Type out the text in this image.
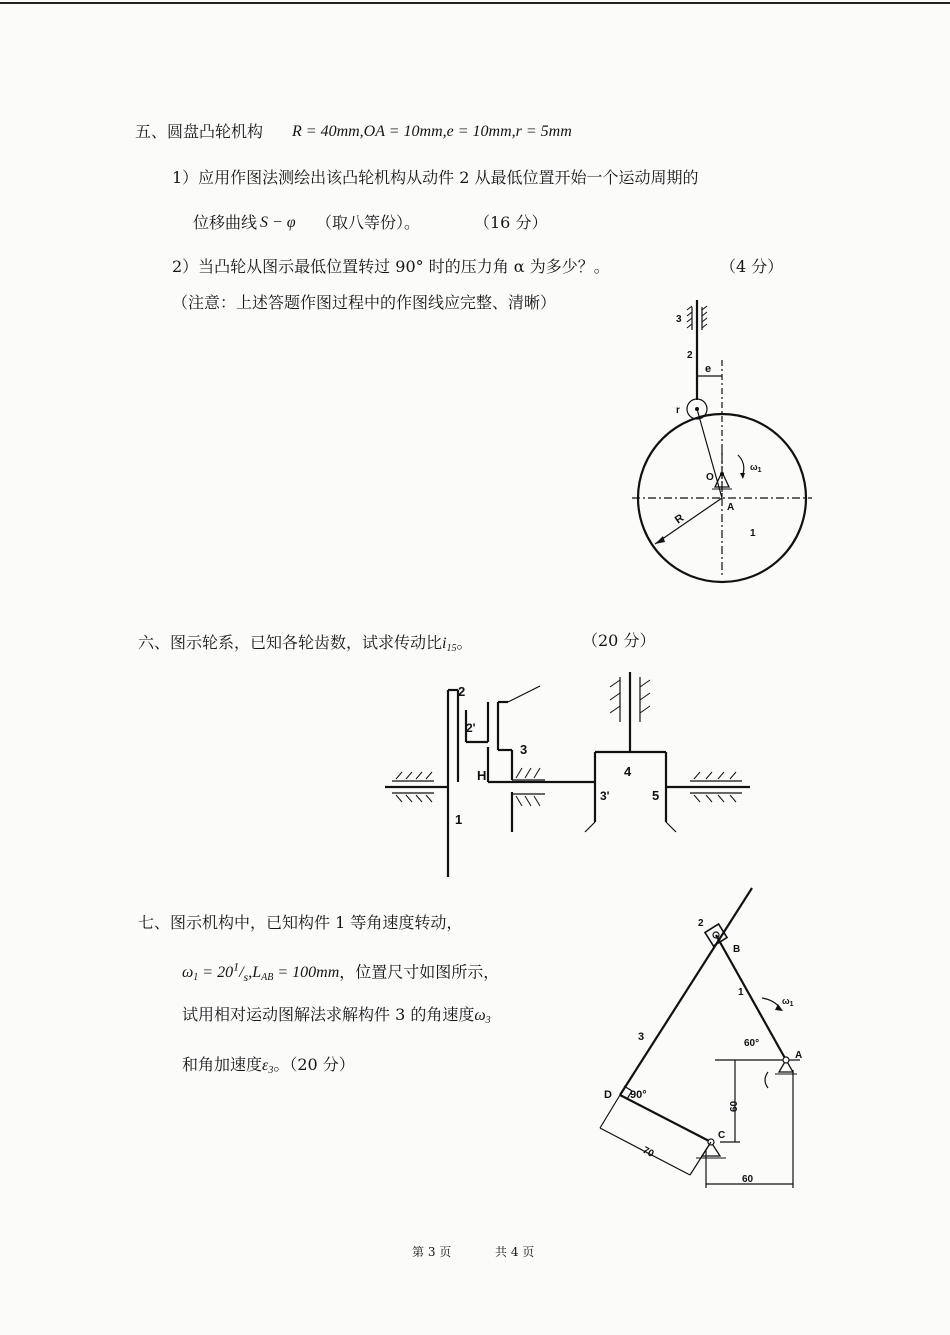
五、圆盘凸轮机构 R = 40mm,OA = 10mm,e = 10mm,r = 5mm
1）应用作图法测绘出该凸轮机构从动件 2 从最低位置开始一个运动周期的
位移曲线 S − φ （取八等份）。	（16 分）
2）当凸轮从图示最低位置转过 90° 时的压力角 α 为多少？。	（4 分）
（注意：上述答题作图过程中的作图线应完整、清晰）
3
2
e
r
O
$\omega_1$
A
R
1
六、图示轮系，已知各轮齿数，试求传动比$i_{15}$。	（20 分）
1
2
2'
H
3
4
3'	5
七、图示机构中，已知构件 1 等角速度转动，
$\omega_1 = 20^1/_s,L_{AB} = 100mm$，位置尺寸如图所示，
试用相对运动图解法求解构件 3 的角速度$\omega_3$
和角加速度$\varepsilon_3$。（20 分）
3
2
B
1
$\omega_1$
60°
A
D 90°
C
70
60
60
第 3 页	共 4 页
